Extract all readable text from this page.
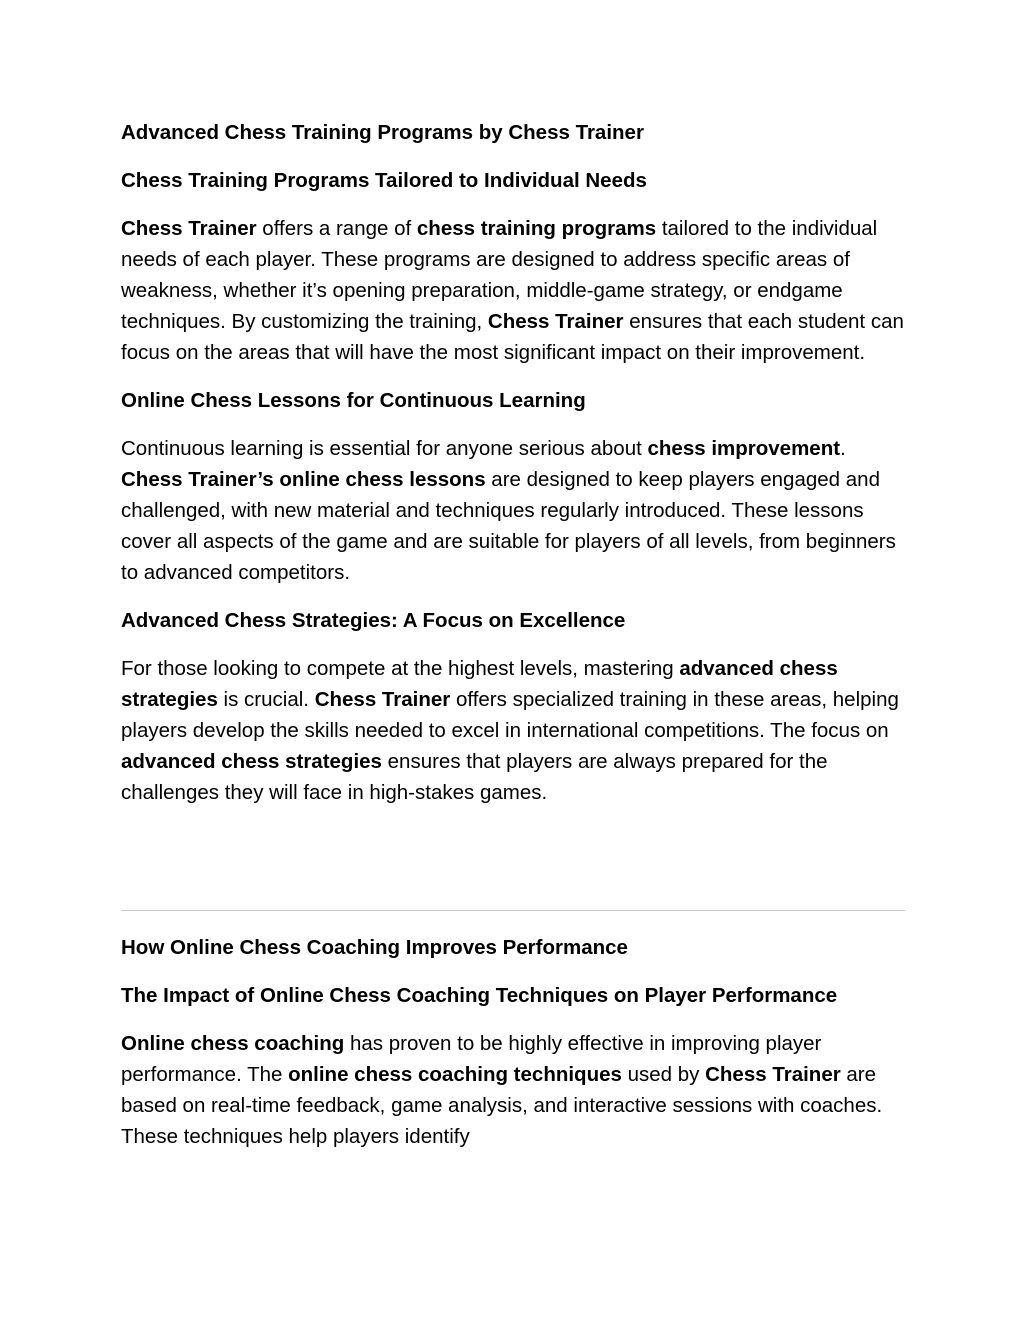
Advanced Chess Training Programs by Chess Trainer
Chess Training Programs Tailored to Individual Needs
Chess Trainer offers a range of chess training programs tailored to the individual needs of each player. These programs are designed to address specific areas of weakness, whether it’s opening preparation, middle-game strategy, or endgame techniques. By customizing the training, Chess Trainer ensures that each student can focus on the areas that will have the most significant impact on their improvement.
Online Chess Lessons for Continuous Learning
Continuous learning is essential for anyone serious about chess improvement. Chess Trainer’s online chess lessons are designed to keep players engaged and challenged, with new material and techniques regularly introduced. These lessons cover all aspects of the game and are suitable for players of all levels, from beginners to advanced competitors.
Advanced Chess Strategies: A Focus on Excellence
For those looking to compete at the highest levels, mastering advanced chess strategies is crucial. Chess Trainer offers specialized training in these areas, helping players develop the skills needed to excel in international competitions. The focus on advanced chess strategies ensures that players are always prepared for the challenges they will face in high-stakes games.
How Online Chess Coaching Improves Performance
The Impact of Online Chess Coaching Techniques on Player Performance
Online chess coaching has proven to be highly effective in improving player performance. The online chess coaching techniques used by Chess Trainer are based on real-time feedback, game analysis, and interactive sessions with coaches. These techniques help players identify
